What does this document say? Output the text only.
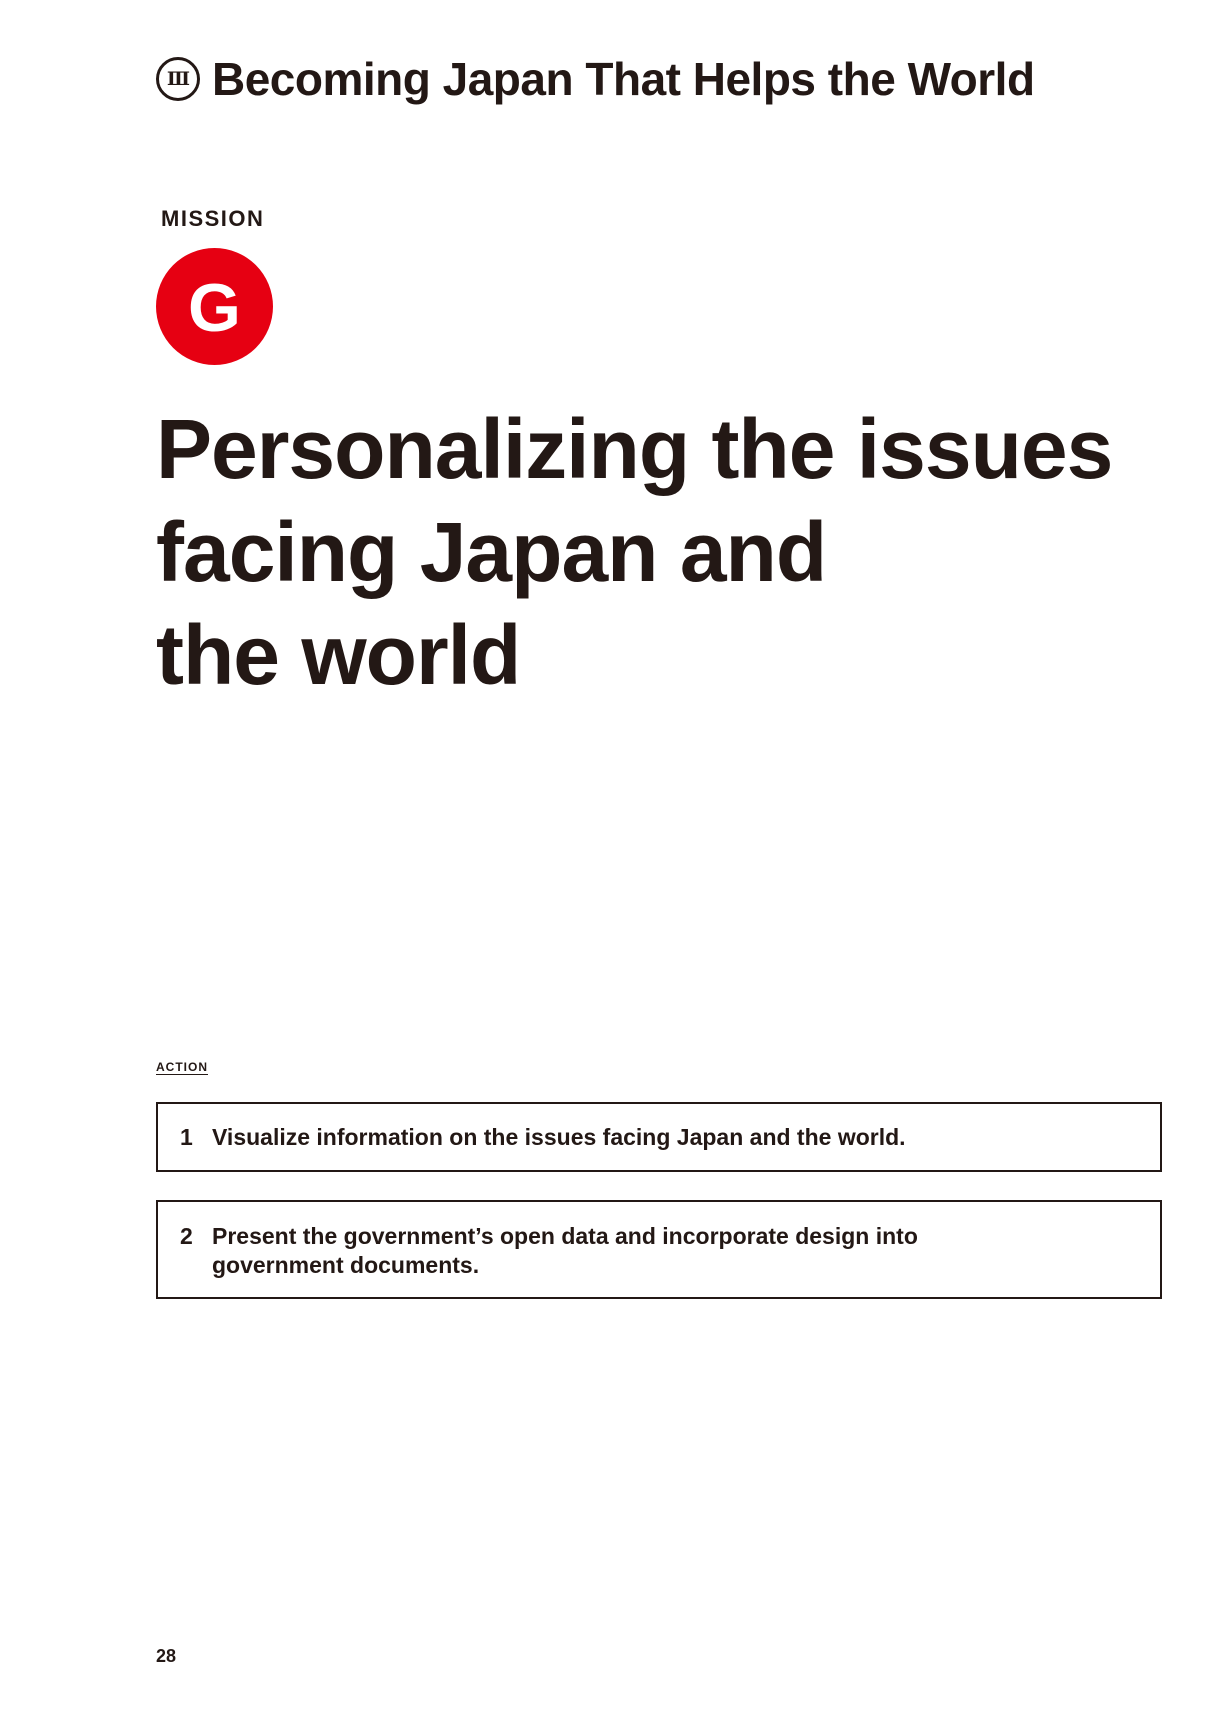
Ⅲ Becoming Japan That Helps the World
MISSION
G
Personalizing the issues
facing Japan and
the world
ACTION
1 Visualize information on the issues facing Japan and the world.
2 Present the government’s open data and incorporate design into government documents.
28
